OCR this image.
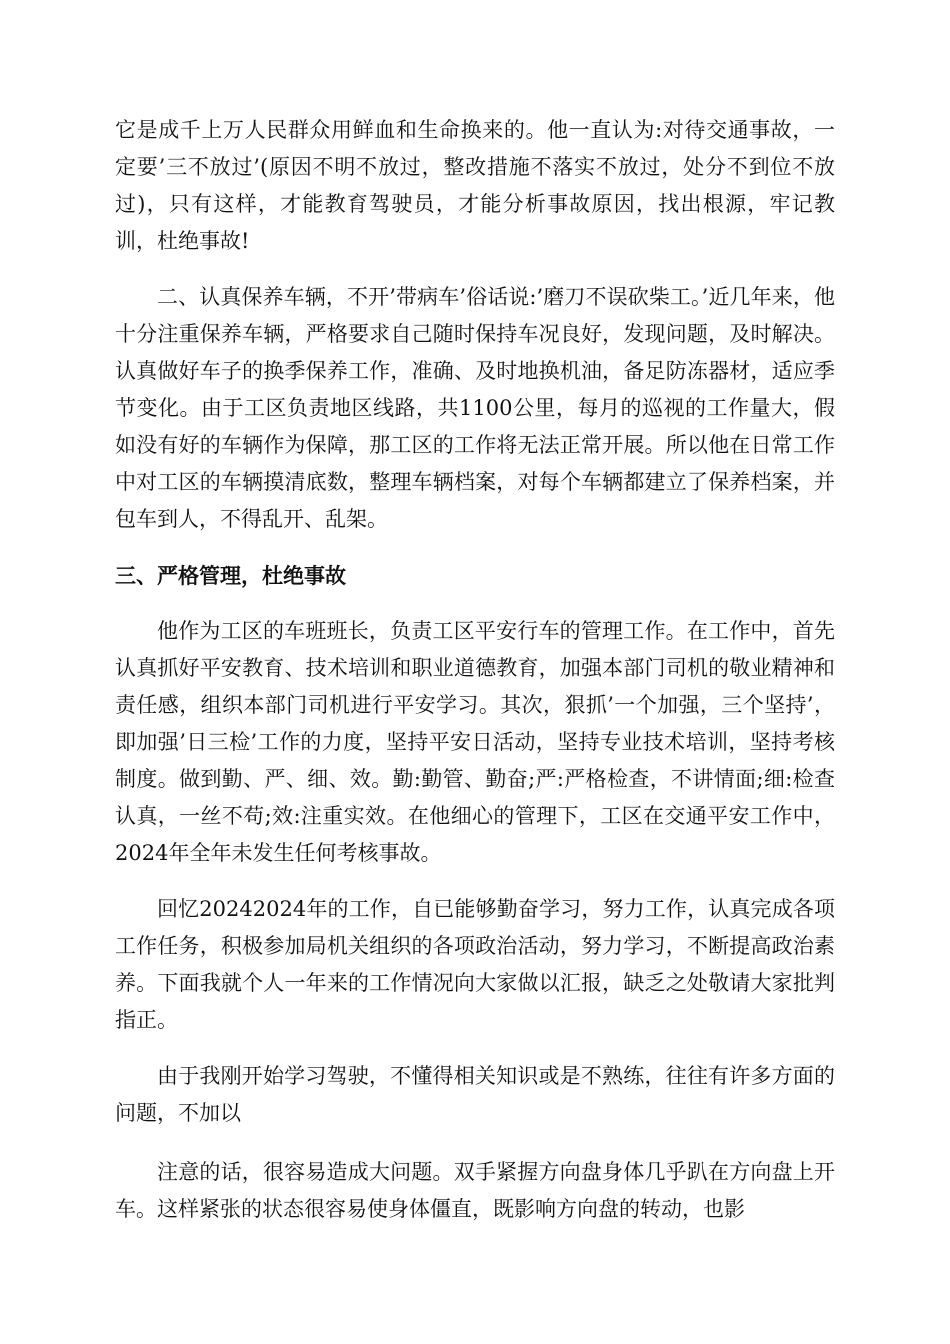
它是成千上万人民群众用鲜血和生命换来的。他一直认为:对待交通事故，一定要’三不放过’(原因不明不放过，整改措施不落实不放过，处分不到位不放过)，只有这样，才能教育驾驶员，才能分析事故原因，找出根源，牢记教训，杜绝事故!

二、认真保养车辆，不开’带病车’俗话说:’磨刀不误砍柴工。’近几年来，他十分注重保养车辆，严格要求自己随时保持车况良好，发现问题，及时解决。认真做好车子的换季保养工作，准确、及时地换机油，备足防冻器材，适应季节变化。由于工区负责地区线路，共1100公里，每月的巡视的工作量大，假如没有好的车辆作为保障，那工区的工作将无法正常开展。所以他在日常工作中对工区的车辆摸清底数，整理车辆档案，对每个车辆都建立了保养档案，并包车到人，不得乱开、乱架。

三、严格管理，杜绝事故

他作为工区的车班班长，负责工区平安行车的管理工作。在工作中，首先认真抓好平安教育、技术培训和职业道德教育，加强本部门司机的敬业精神和责任感，组织本部门司机进行平安学习。其次，狠抓’一个加强，三个坚持’，即加强’日三检’工作的力度，坚持平安日活动，坚持专业技术培训，坚持考核制度。做到勤、严、细、效。勤:勤管、勤奋;严:严格检查，不讲情面;细:检查认真，一丝不苟;效:注重实效。在他细心的管理下，工区在交通平安工作中，2024年全年未发生任何考核事故。

回忆20242024年的工作，自已能够勤奋学习，努力工作，认真完成各项工作任务，积极参加局机关组织的各项政治活动，努力学习，不断提高政治素养。下面我就个人一年来的工作情况向大家做以汇报，缺乏之处敬请大家批判指正。

由于我刚开始学习驾驶，不懂得相关知识或是不熟练，往往有许多方面的问题，不加以

注意的话，很容易造成大问题。双手紧握方向盘身体几乎趴在方向盘上开车。这样紧张的状态很容易使身体僵直，既影响方向盘的转动，也影
